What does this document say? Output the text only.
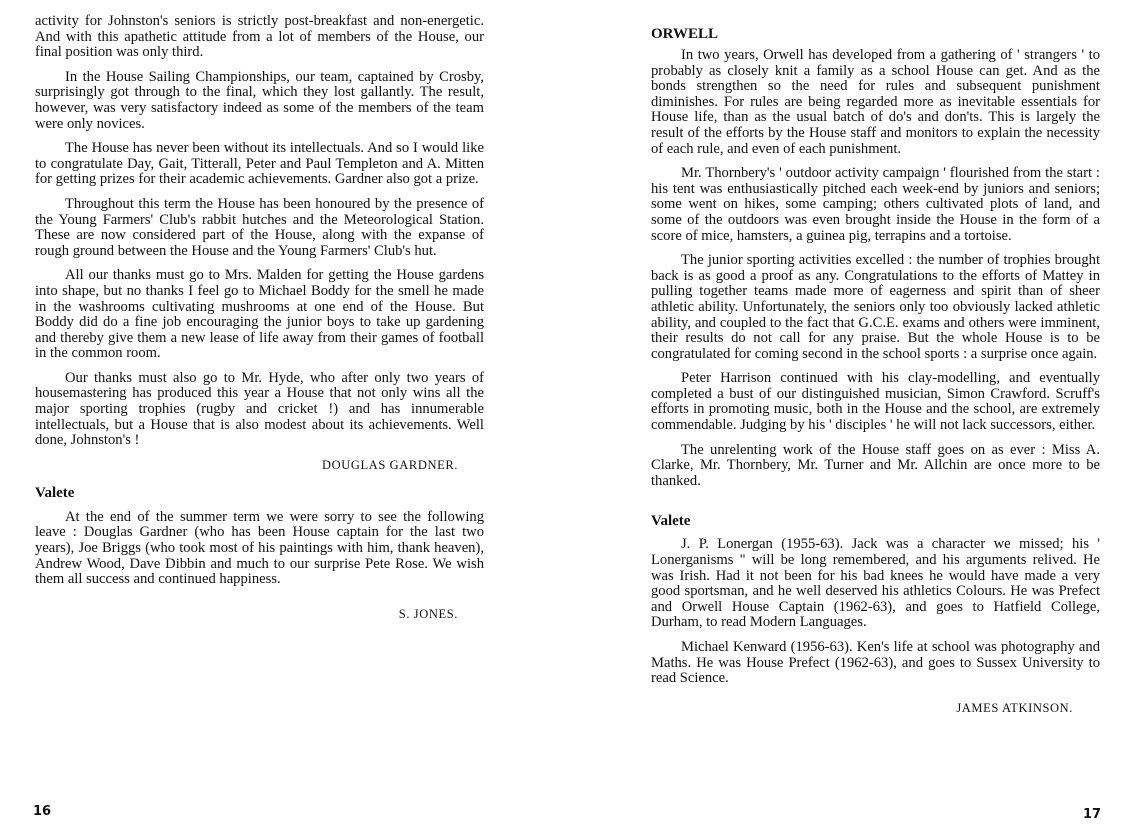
activity for Johnston's seniors is strictly post-breakfast and non-energetic. And with this apathetic attitude from a lot of members of the House, our final position was only third.

In the House Sailing Championships, our team, captained by Crosby, surprisingly got through to the final, which they lost gallantly. The result, however, was very satisfactory indeed as some of the members of the team were only novices.

The House has never been without its intellectuals. And so I would like to congratulate Day, Gait, Titterall, Peter and Paul Templeton and A. Mitten for getting prizes for their academic achievements. Gardner also got a prize.

Throughout this term the House has been honoured by the presence of the Young Farmers' Club's rabbit hutches and the Meteorological Station. These are now considered part of the House, along with the expanse of rough ground between the House and the Young Farmers' Club's hut.

All our thanks must go to Mrs. Malden for getting the House gardens into shape, but no thanks I feel go to Michael Boddy for the smell he made in the washrooms cultivating mushrooms at one end of the House. But Boddy did do a fine job encouraging the junior boys to take up gardening and thereby give them a new lease of life away from their games of football in the common room.

Our thanks must also go to Mr. Hyde, who after only two years of housemastering has produced this year a House that not only wins all the major sporting trophies (rugby and cricket !) and has innumerable intellectuals, but a House that is also modest about its achievements. Well done, Johnston's !

DOUGLAS GARDNER.
Valete

At the end of the summer term we were sorry to see the following leave : Douglas Gardner (who has been House captain for the last two years), Joe Briggs (who took most of his paintings with him, thank heaven), Andrew Wood, Dave Dibbin and much to our surprise Pete Rose. We wish them all success and continued happiness.

S. JONES.
16
ORWELL

In two years, Orwell has developed from a gathering of ' strangers ' to probably as closely knit a family as a school House can get. And as the bonds strengthen so the need for rules and subsequent punishment diminishes. For rules are being regarded more as inevitable essentials for House life, than as the usual batch of do's and don'ts. This is largely the result of the efforts by the House staff and monitors to explain the necessity of each rule, and even of each punishment.

Mr. Thornbery's ' outdoor activity campaign ' flourished from the start : his tent was enthusiastically pitched each week-end by juniors and seniors; some went on hikes, some camping; others cultivated plots of land, and some of the outdoors was even brought inside the House in the form of a score of mice, hamsters, a guinea pig, terrapins and a tortoise.

The junior sporting activities excelled : the number of trophies brought back is as good a proof as any. Congratulations to the efforts of Mattey in pulling together teams made more of eagerness and spirit than of sheer athletic ability. Unfortunately, the seniors only too obviously lacked athletic ability, and coupled to the fact that G.C.E. exams and others were imminent, their results do not call for any praise. But the whole House is to be congratulated for coming second in the school sports : a surprise once again.

Peter Harrison continued with his clay-modelling, and eventually completed a bust of our distinguished musician, Simon Crawford. Scruff's efforts in promoting music, both in the House and the school, are extremely commendable. Judging by his ' disciples ' he will not lack successors, either.

The unrelenting work of the House staff goes on as ever : Miss A. Clarke, Mr. Thornbery, Mr. Turner and Mr. Allchin are once more to be thanked.

Valete

J. P. Lonergan (1955-63). Jack was a character we missed; his ' Lonerganisms " will be long remembered, and his arguments relived. He was Irish. Had it not been for his bad knees he would have made a very good sportsman, and he well deserved his athletics Colours. He was Prefect and Orwell House Captain (1962-63), and goes to Hatfield College, Durham, to read Modern Languages.

Michael Kenward (1956-63). Ken's life at school was photography and Maths. He was House Prefect (1962-63), and goes to Sussex University to read Science.

JAMES ATKINSON.
17
